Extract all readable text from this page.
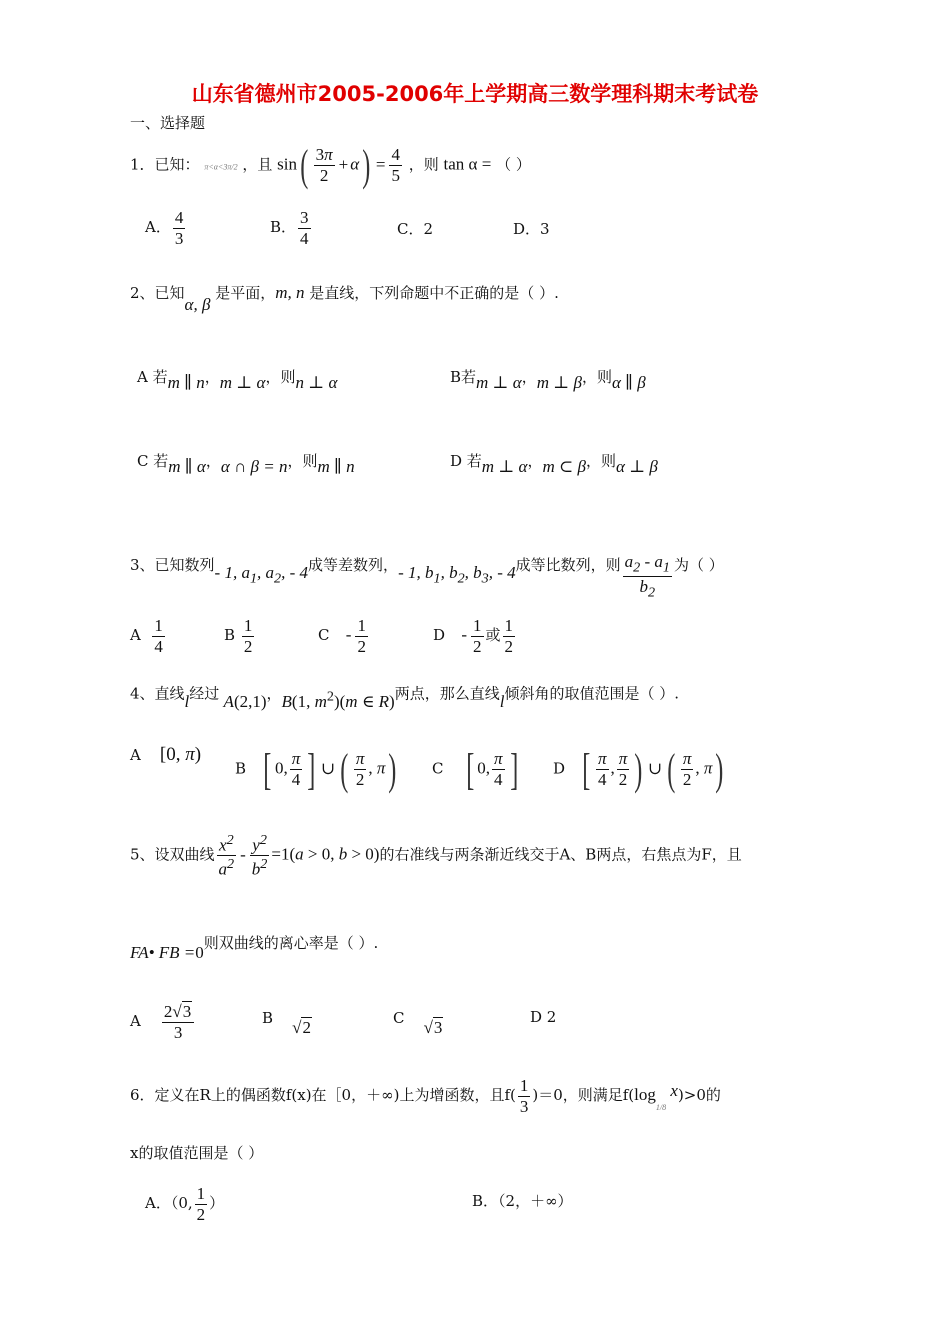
山东省德州市2005-2006年上学期高三数学理科期末考试卷
一、选择题
1．已知： π<α<3π/2 ，且 $\sin( \frac{3\pi}{2} + \alpha) = \frac{4}{5}$ ，则 tan α = （ ）
A． $\frac{4}{3}$	B． $\frac{3}{4}$	C．2	D．3
2、已知α, β 是平面，m, n 是直线，下列命题中不正确的是（ ）.
A 若m ∥ n，m ⊥ α，则n ⊥ α	B若m ⊥ α，m ⊥ β，则α ∥ β
C 若m ∥ α，α ∩ β = n，则m ∥ n	D 若m ⊥ α，m ⊂ β，则α ⊥ β
3、已知数列- 1, $a_1$, $a_2$, - 4成等差数列，- 1, $b_1$, $b_2$, $b_3$, - 4成等比数列，则 $\frac{a_2 - a_1}{b_2}$ 为（ ）
A $\frac{1}{4}$	B $\frac{1}{2}$	C - $\frac{1}{2}$	D - $\frac{1}{2}$ 或 $\frac{1}{2}$
4、直线l经过 A(2,1)，B(1, $m^2)(m$ ∈ R)两点，那么直线l倾斜角的取值范围是（ ）.
A [0, π)
B [ 0, $\frac{\pi}{4}$ ] ∪ ( $\frac{\pi}{2}$ , π) C [ 0, $\frac{\pi}{4}$ ] D [ $\frac{\pi}{4}$ , $\frac{\pi}{2}$ ) ∪ ( $\frac{\pi}{2}$ , π)
5、设双曲线 $\frac{x^2}{a^2} - \frac{y^2}{b^2} =1(a > 0$, b > 0)的右准线与两条渐近线交于A、B两点，右焦点为F，且
FA• FB =0则双曲线的离心率是（ ）.
A $\frac{2√3}{3}$	B √2	C √3
D 2
6．定义在R上的偶函数f(x)在［0，＋∞)上为增函数，且$f( \frac{1}{3} )=0$，则满足$f(\log_{1/8}$ x)>0的
x的取值范围是（ ）
A．（0, $\frac{1}{2}$ ）	B．（2，＋∞）
